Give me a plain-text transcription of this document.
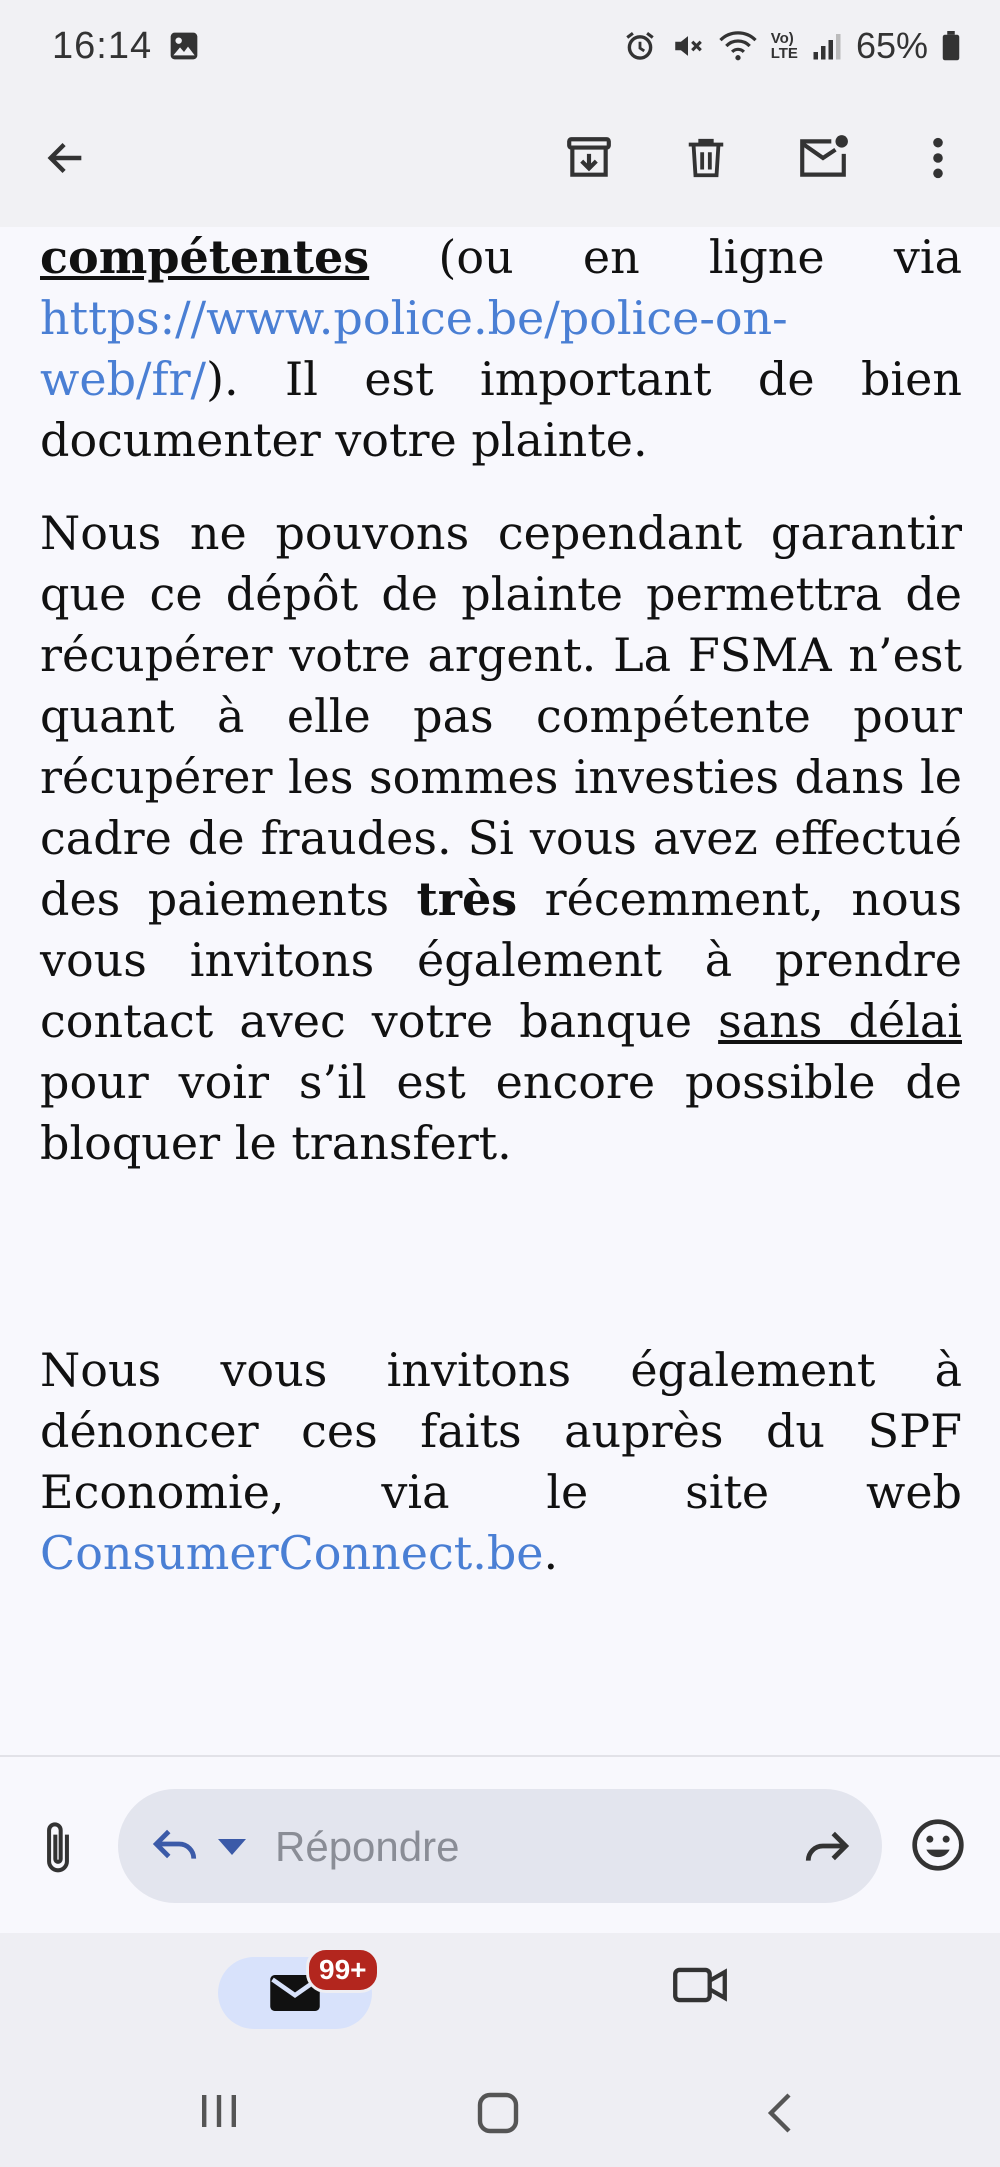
16:14	Vo)
LTE 65%

compétentes (ou en ligne via https://www.police.be/police-on-web/fr/). Il est important de bien documenter votre plainte.

Nous ne pouvons cependant garantir que ce dépôt de plainte permettra de récupérer votre argent. La FSMA n’est quant à elle pas compétente pour récupérer les sommes investies dans le cadre de fraudes. Si vous avez effectué des paiements très récemment, nous vous invitons également à prendre contact avec votre banque sans délai pour voir s’il est encore possible de bloquer le transfert.

Nous vous invitons également à dénoncer ces faits auprès du SPF Economie, via le site web ConsumerConnect.be.

Répondre
99+
